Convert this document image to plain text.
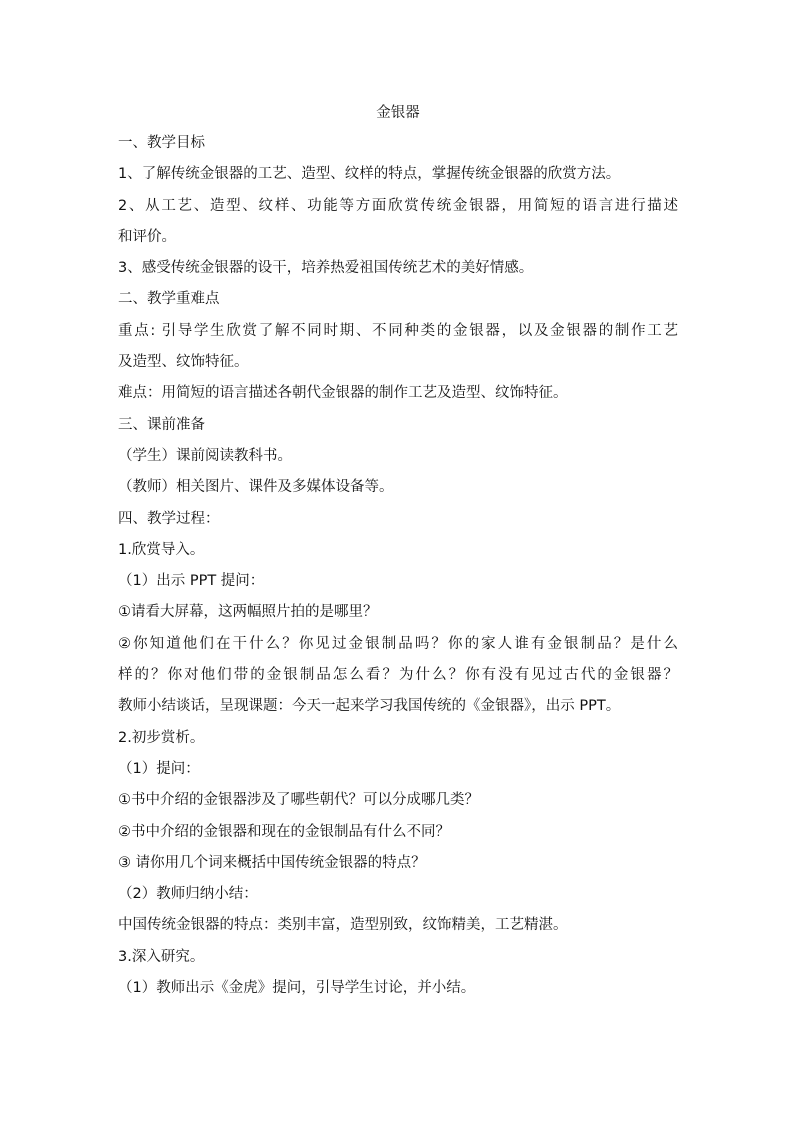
金银器
一、教学目标
1、了解传统金银器的工艺、造型、纹样的特点，掌握传统金银器的欣赏方法。
2、从工艺、造型、纹样、功能等方面欣赏传统金银器，用简短的语言进行描述
和评价。
3、感受传统金银器的设干，培养热爱祖国传统艺术的美好情感。
二、教学重难点
重点: 引导学生欣赏了解不同时期、不同种类的金银器，以及金银器的制作工艺
及造型、纹饰特征。
难点：用简短的语言描述各朝代金银器的制作工艺及造型、纹饰特征。
三、课前准备
（学生）课前阅读教科书。
（教师）相关图片、课件及多媒体设备等。
四、教学过程：
1.欣赏导入。
（1）出示 PPT 提问：
①请看大屏幕，这两幅照片拍的是哪里？
②你知道他们在干什么？你见过金银制品吗？你的家人谁有金银制品？是什么
样的？你对他们带的金银制品怎么看？为什么？你有没有见过古代的金银器？
教师小结谈话，呈现课题：今天一起来学习我国传统的《金银器》，出示 PPT。
2.初步赏析。
（1）提问：
①书中介绍的金银器涉及了哪些朝代？可以分成哪几类？
②书中介绍的金银器和现在的金银制品有什么不同？
③ 请你用几个词来概括中国传统金银器的特点？
（2）教师归纳小结：
中国传统金银器的特点：类别丰富，造型别致，纹饰精美，工艺精湛。
3.深入研究。
（1）教师出示《金虎》提问，引导学生讨论，并小结。
